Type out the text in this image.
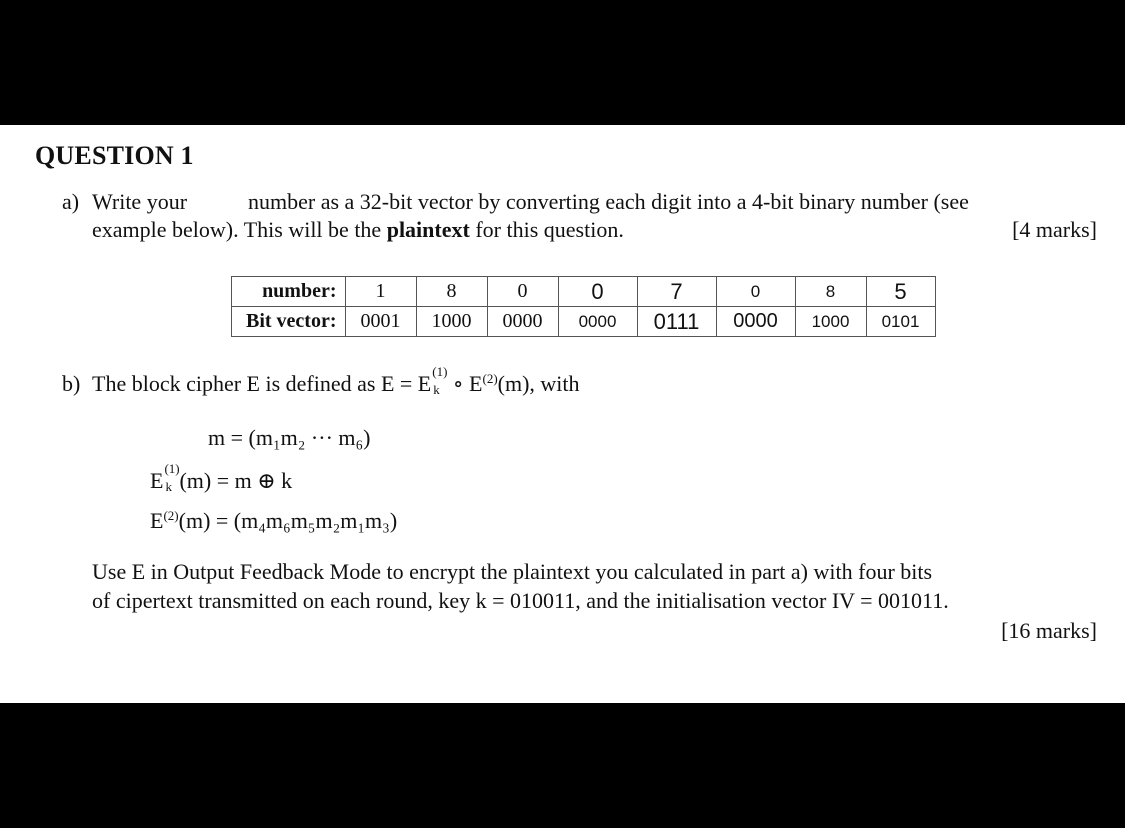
QUESTION 1
a) Write your	number as a 32-bit vector by converting each digit into a 4-bit binary number (see
example below). This will be the plaintext for this question.	[4 marks]
number:	1	8	0	0	7	0	8	5
Bit vector:	0001	1000	0000	0000	0111	0000	1000	0101
b) The block cipher E is defined as E = E (1)
k ∘ $E^{(2)}(m)$, with
m = (m₁m₂ ··· m₆)
E (1)
k (m) = m ⊕ k
$E^{(2)}(m) = (m_4m_6m_5m_2m_1m_3)$
Use E in Output Feedback Mode to encrypt the plaintext you calculated in part a) with four bits
of cipertext transmitted on each round, key k = 010011, and the initialisation vector IV = 001011.
[16 marks]
